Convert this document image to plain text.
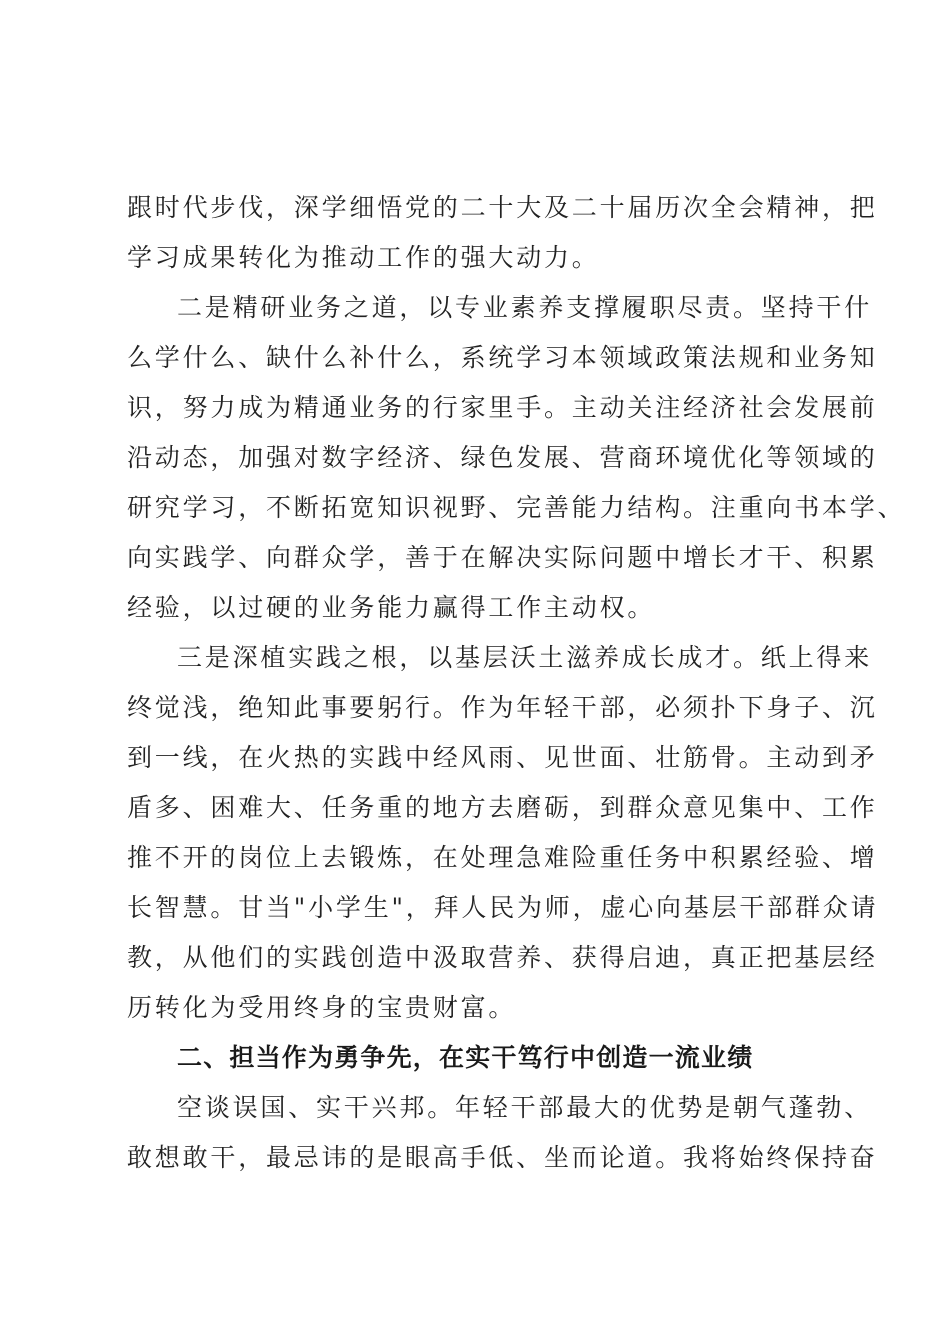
跟时代步伐，深学细悟党的二十大及二十届历次全会精神，把
学习成果转化为推动工作的强大动力。
二是精研业务之道，以专业素养支撑履职尽责。坚持干什
么学什么、缺什么补什么，系统学习本领域政策法规和业务知
识，努力成为精通业务的行家里手。主动关注经济社会发展前
沿动态，加强对数字经济、绿色发展、营商环境优化等领域的
研究学习，不断拓宽知识视野、完善能力结构。注重向书本学、
向实践学、向群众学，善于在解决实际问题中增长才干、积累
经验，以过硬的业务能力赢得工作主动权。
三是深植实践之根，以基层沃土滋养成长成才。纸上得来
终觉浅，绝知此事要躬行。作为年轻干部，必须扑下身子、沉
到一线，在火热的实践中经风雨、见世面、壮筋骨。主动到矛
盾多、困难大、任务重的地方去磨砺，到群众意见集中、工作
推不开的岗位上去锻炼，在处理急难险重任务中积累经验、增
长智慧。甘当"小学生"，拜人民为师，虚心向基层干部群众请
教，从他们的实践创造中汲取营养、获得启迪，真正把基层经
历转化为受用终身的宝贵财富。
二、担当作为勇争先，在实干笃行中创造一流业绩
空谈误国、实干兴邦。年轻干部最大的优势是朝气蓬勃、
敢想敢干，最忌讳的是眼高手低、坐而论道。我将始终保持奋
